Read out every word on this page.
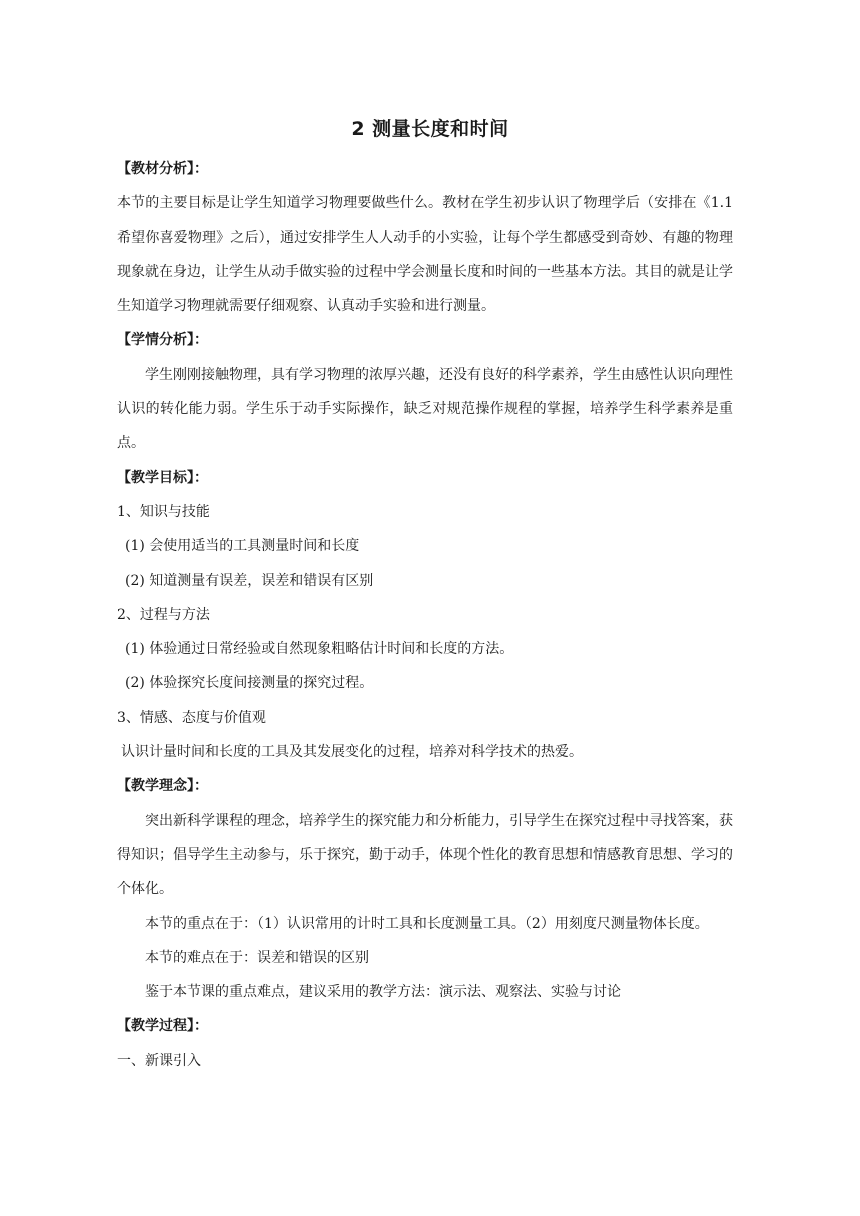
2 测量长度和时间

【教材分析】：

本节的主要目标是让学生知道学习物理要做些什么。教材在学生初步认识了物理学后（安排在《1.1希望你喜爱物理》之后），通过安排学生人人动手的小实验，让每个学生都感受到奇妙、有趣的物理现象就在身边，让学生从动手做实验的过程中学会测量长度和时间的一些基本方法。其目的就是让学生知道学习物理就需要仔细观察、认真动手实验和进行测量。

【学情分析】：

学生刚刚接触物理，具有学习物理的浓厚兴趣，还没有良好的科学素养，学生由感性认识向理性认识的转化能力弱。学生乐于动手实际操作，缺乏对规范操作规程的掌握，培养学生科学素养是重点。

【教学目标】：

1、知识与技能

(1) 会使用适当的工具测量时间和长度

(2) 知道测量有误差，误差和错误有区别

2、过程与方法

(1) 体验通过日常经验或自然现象粗略估计时间和长度的方法。

(2) 体验探究长度间接测量的探究过程。

3、情感、态度与价值观

认识计量时间和长度的工具及其发展变化的过程，培养对科学技术的热爱。

【教学理念】：

突出新科学课程的理念，培养学生的探究能力和分析能力，引导学生在探究过程中寻找答案，获得知识；倡导学生主动参与，乐于探究，勤于动手，体现个性化的教育思想和情感教育思想、学习的个体化。

本节的重点在于：（1）认识常用的计时工具和长度测量工具。（2）用刻度尺测量物体长度。

本节的难点在于：误差和错误的区别

鉴于本节课的重点难点，建议采用的教学方法：演示法、观察法、实验与讨论

【教学过程】：

一、新课引入
